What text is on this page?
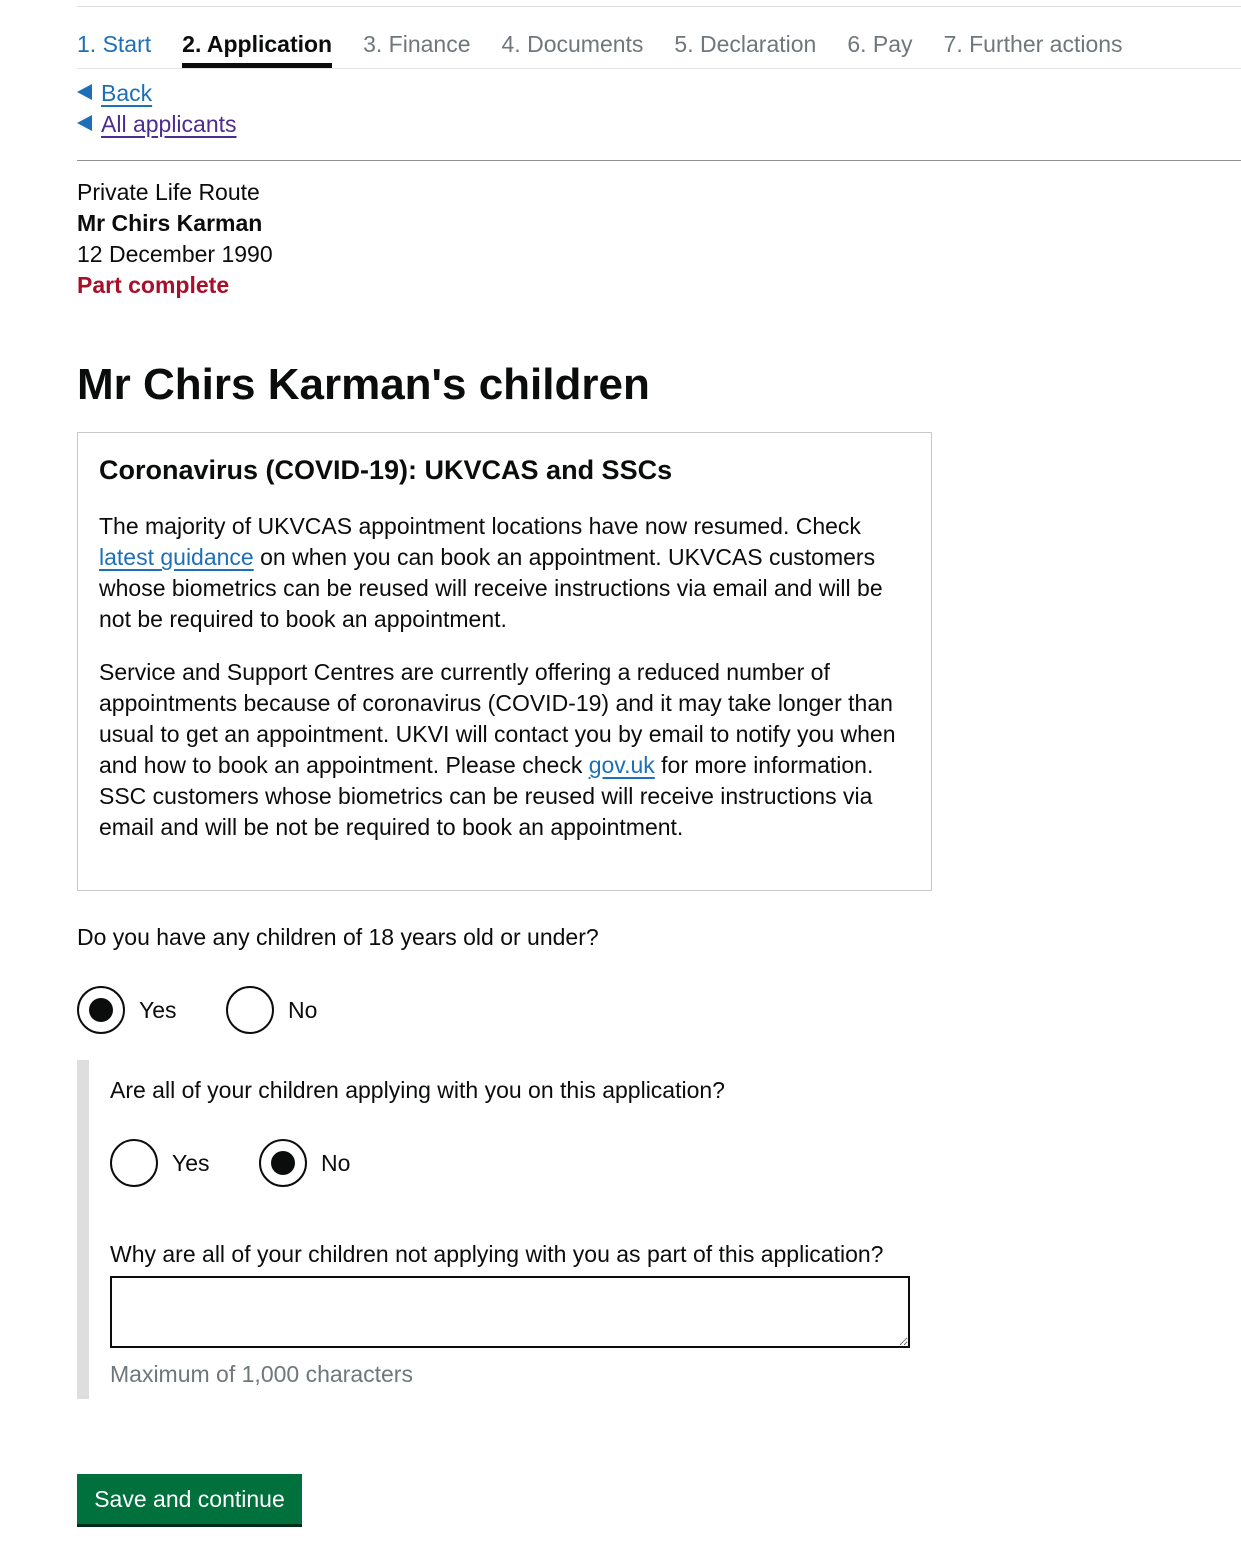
1. Start 2. Application 3. Finance 4. Documents 5. Declaration 6. Pay 7. Further actions
Back
All applicants
Private Life Route
Mr Chirs Karman
12 December 1990
Part complete
Mr Chirs Karman's children
Coronavirus (COVID-19): UKVCAS and SSCs

The majority of UKVCAS appointment locations have now resumed. Check latest guidance on when you can book an appointment. UKVCAS customers whose biometrics can be reused will receive instructions via email and will be not be required to book an appointment.

Service and Support Centres are currently offering a reduced number of appointments because of coronavirus (COVID-19) and it may take longer than usual to get an appointment. UKVI will contact you by email to notify you when and how to book an appointment. Please check gov.uk for more information. SSC customers whose biometrics can be reused will receive instructions via email and will be not be required to book an appointment.

Do you have any children of 18 years old or under?
Yes	No
Are all of your children applying with you on this application?
Yes	No
Why are all of your children not applying with you as part of this application?
Maximum of 1,000 characters
Save and continue
